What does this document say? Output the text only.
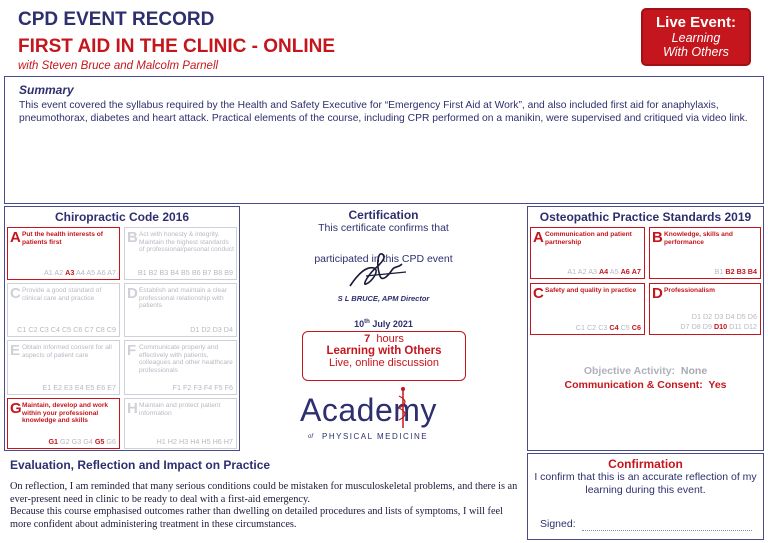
CPD EVENT RECORD
FIRST AID IN THE CLINIC - ONLINE
with Steven Bruce and Malcolm Parnell
Live Event:
Learning
With Others
Summary
This event covered the syllabus required by the Health and Safety Executive for “Emergency First Aid at Work”, and also included first aid for anaphylaxis, pneumothorax, diabetes and heart attack. Practical elements of the course, including CPR performed on a manikin, were supervised and critiqued via video link.
Chiropractic Code 2016
A Put the health interests of patients first
A1 A2 A3 A4 A5 A6 A7
B Act with honesty & integrity. Maintain the highest standards of professional/personal conduct
B1 B2 B3 B4 B5 B6 B7 B8 B9
C Provide a good standard of clinical care and practice
C1 C2 C3 C4 C5 C6 C7 C8 C9
D Establish and maintain a clear professional relationship with patients
D1 D2 D3 D4
E Obtain informed consent for all aspects of patient care
E1 E2 E3 E4 E5 E6 E7
F Communicate properly and effectively with patients, colleagues and other healthcare professionals
F1 F2 F3 F4 F5 F6
G Maintain, develop and work within your professional knowledge and skills
G1 G2 G3 G4 G5 G6
H Maintain and protect patient information
H1 H2 H3 H4 H5 H6 H7
Certification
This certificate confirms that
participated in this CPD event
S L BRUCE, APM Director
10th July 2021
7 hours
Learning with Others
Live, online discussion
Osteopathic Practice Standards 2019
A Communication and patient partnership
A1 A2 A3 A4 A5 A6 A7
B Knowledge, skills and performance
B1 B2 B3 B4
C Safety and quality in practice
C1 C2 C3 C4 C5 C6
D Professionalism
D1 D2 D3 D4 D5 D6
D7 D8 D9 D10 D11 D12
Objective Activity: None
Communication & Consent: Yes
Academy
of PHYSICAL MEDICINE
Evaluation, Reflection and Impact on Practice

On reflection, I am reminded that many serious conditions could be mistaken for musculoskeletal problems, and there is an ever-present need in clinic to be ready to deal with a first-aid emergency.

Because this course emphasised outcomes rather than dwelling on detailed procedures and lists of symptoms, I will feel more confident about administering treatment in these circumstances.

Confirmation
I confirm that this is an accurate reflection of my learning during this event.
Signed:
